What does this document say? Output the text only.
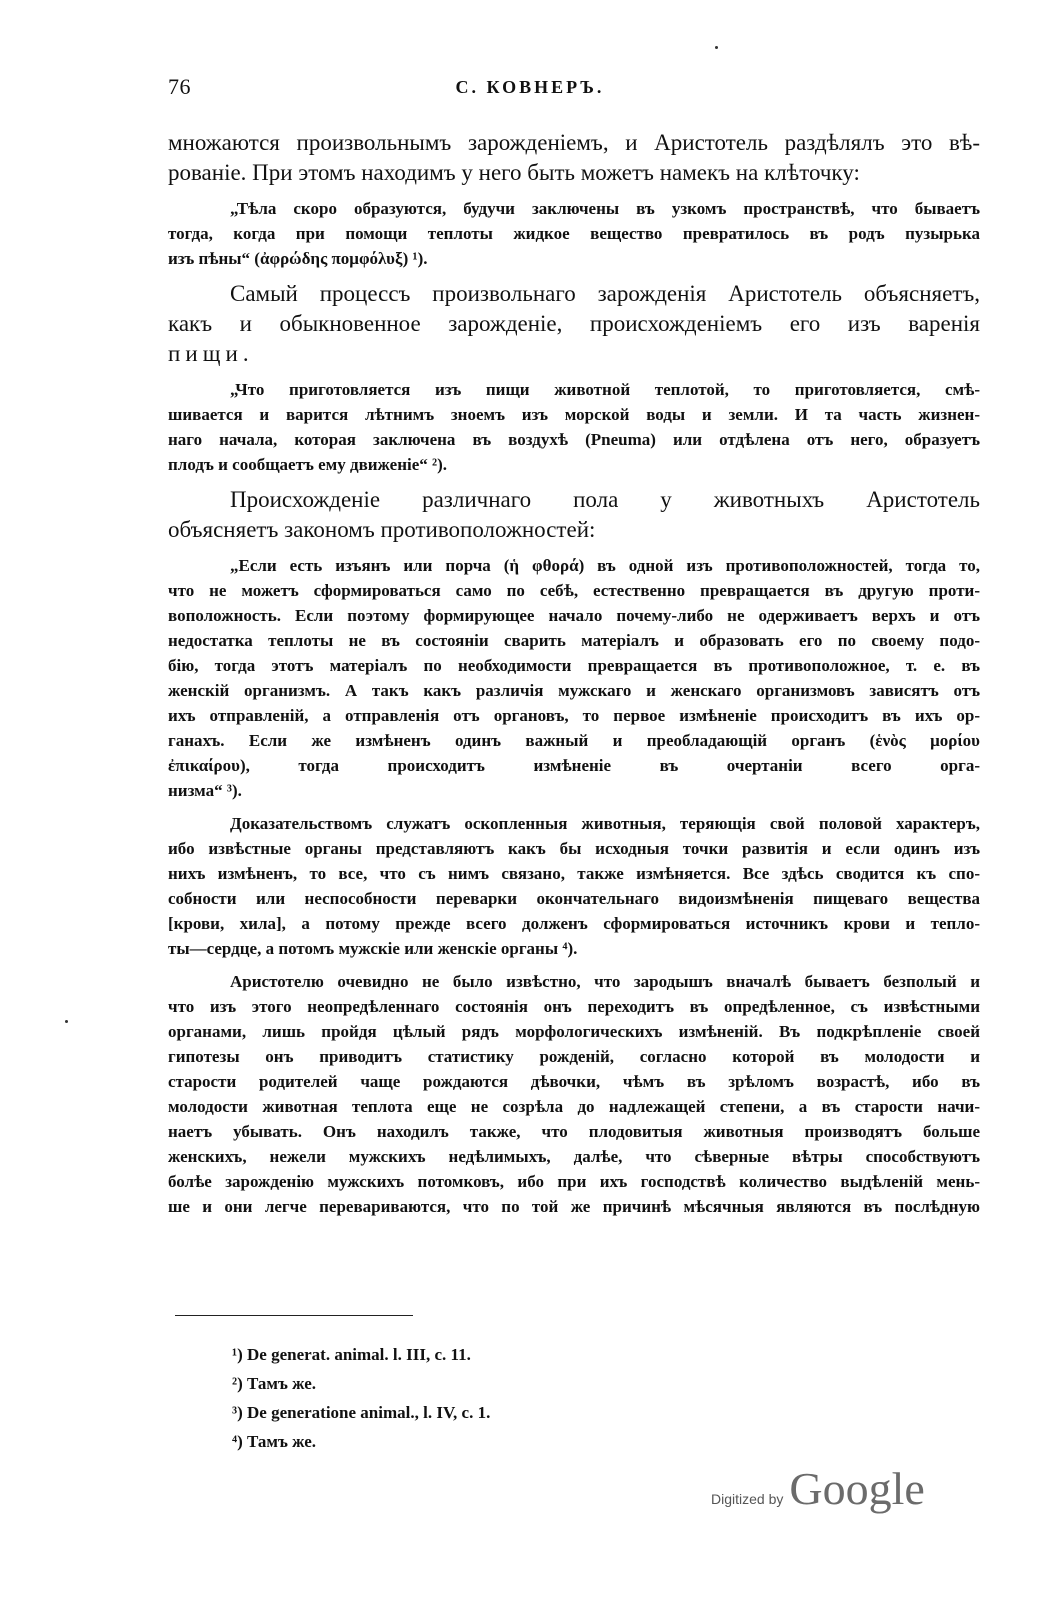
76	С. КОВНЕРЪ.
множаются произвольнымъ зарожденіемъ, и Аристотель раздѣлялъ это вѣ-
рованіе. При этомъ находимъ у него быть можетъ намекъ на клѣточку:
„Тѣла скоро образуются, будучи заключены въ узкомъ пространствѣ, что бываетъ
тогда, когда при помощи теплоты жидкое вещество превратилось въ родъ пузырька
изъ пѣны“ (ἀφρώδης πομφόλυξ) ¹).
Самый процессъ произвольнаго зарожденія Аристотель объясняетъ,
какъ и обыкновенное зарожденіе, происхожденіемъ его изъ варенія
пищи.
„Что приготовляется изъ пищи животной теплотой, то приготовляется, смѣ-
шивается и варится лѣтнимъ зноемъ изъ морской воды и земли. И та часть жизнен-
наго начала, которая заключена въ воздухѣ (Pneuma) или отдѣлена отъ него, образуетъ
плодъ и сообщаетъ ему движеніе“ ²).
Происхожденіе различнаго пола у животныхъ Аристотель
объясняетъ закономъ противоположностей:
„Если есть изъянъ или порча (ἡ φθορά) въ одной изъ противоположностей, тогда то,
что не можетъ сформироваться само по себѣ, естественно превращается въ другую проти-
воположность. Если поэтому формирующее начало почему-либо не одерживаетъ верхъ и отъ
недостатка теплоты не въ состояніи сварить матеріалъ и образовать его по своему подо-
бію, тогда этотъ матеріалъ по необходимости превращается въ противоположное, т. е. въ
женскій организмъ. А такъ какъ различія мужскаго и женскаго организмовъ зависятъ отъ
ихъ отправленій, а отправленія отъ органовъ, то первое измѣненіе происходитъ въ ихъ ор-
ганахъ. Если же измѣненъ одинъ важный и преобладающій органъ (ἑνὸς μορίου
ἐπικαίρου), тогда происходитъ измѣненіе въ очертаніи всего орга-
низма“ ³).
Доказательствомъ служатъ оскопленныя животныя, теряющія свой половой характеръ,
ибо извѣстные органы представляютъ какъ бы исходныя точки развитія и если одинъ изъ
нихъ измѣненъ, то все, что съ нимъ связано, также измѣняется. Все здѣсь сводится къ спо-
собности или неспособности переварки окончательнаго видоизмѣненія пищеваго вещества
[крови, хила], а потому прежде всего долженъ сформироваться источникъ крови и тепло-
ты—сердце, а потомъ мужскіе или женскіе органы ⁴).
Аристотелю очевидно не было извѣстно, что зародышъ вначалѣ бываетъ безполый и
что изъ этого неопредѣленнаго состоянія онъ переходитъ въ опредѣленное, съ извѣстными
органами, лишь пройдя цѣлый рядъ морфологическихъ измѣненій. Въ подкрѣпленіе своей
гипотезы онъ приводитъ статистику рожденій, согласно которой въ молодости и
старости родителей чаще рождаются дѣвочки, чѣмъ въ зрѣломъ возрастѣ, ибо въ
молодости животная теплота еще не созрѣла до надлежащей степени, а въ старости начи-
наетъ убывать. Онъ находилъ также, что плодовитыя животныя производятъ больше
женскихъ, нежели мужскихъ недѣлимыхъ, далѣе, что сѣверные вѣтры способствуютъ
болѣе зарожденію мужскихъ потомковъ, ибо при ихъ господствѣ количество выдѣленій мень-
ше и они легче перевариваются, что по той же причинѣ мѣсячныя являются въ послѣдную
¹) De generat. animal. l. III, c. 11.
²) Тамъ же.
³) De generatione animal., l. IV, c. 1.
⁴) Тамъ же.
Digitized by Google
